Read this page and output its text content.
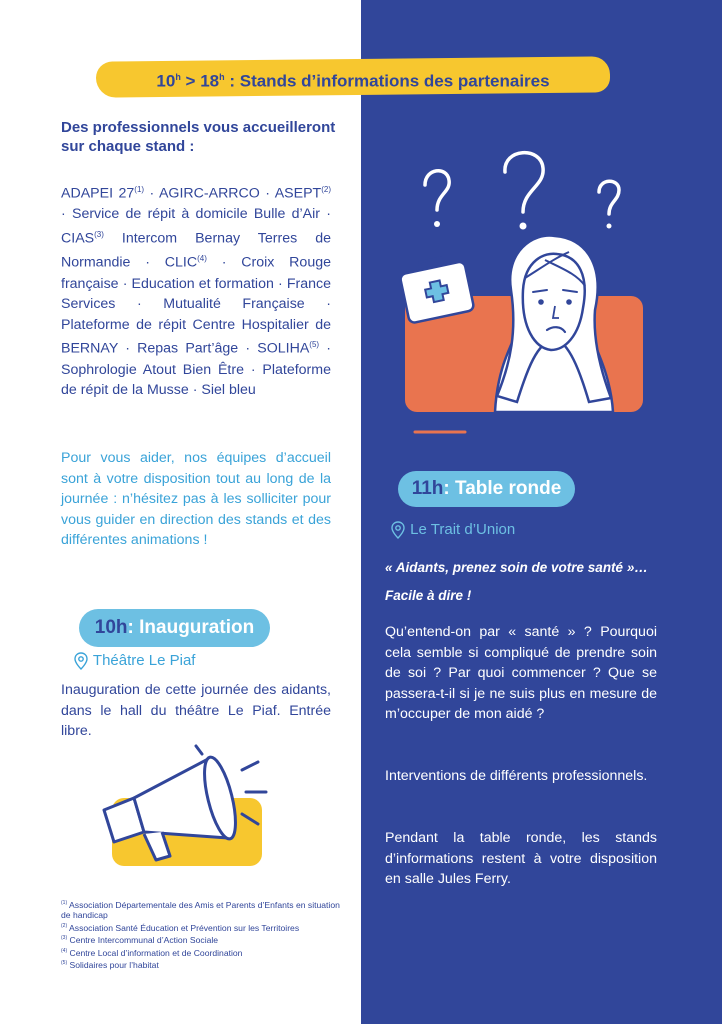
$10^h > 18^h$ : Stands d’informations des partenaires
Des professionnels vous accueilleront sur chaque stand :

ADAPEI $27^{(1)}$ · AGIRC-ARRCO · $ASEPT^{(2)}$ · Service de répit à domicile Bulle d’Air · $CIAS^{(3)}$ Intercom Bernay Terres de Normandie · $CLIC^{(4)}$ · Croix Rouge française · Education et formation · France Services · Mutualité Française · Plateforme de répit Centre Hospitalier de BERNAY · Repas Part’âge · $SOLIHA^{(5)}$ · Sophrologie Atout Bien Être · Plateforme de répit de la Musse · Siel bleu

Pour vous aider, nos équipes d’accueil sont à votre disposition tout au long de la journée : n’hésitez pas à les solliciter pour vous guider en direction des stands et des différentes animations !

10h: Inauguration
Théâtre Le Piaf

Inauguration de cette journée des aidants, dans le hall du théâtre Le Piaf. Entrée libre.

$^{(1)}$ Association Départementale des Amis et Parents d’Enfants en situation de handicap
$^{(2)}$ Association Santé Éducation et Prévention sur les Territoires
$^{(3)}$ Centre Intercommunal d’Action Sociale
$^{(4)}$ Centre Local d’information et de Coordination
$^{(5)}$ Solidaires pour l’habitat
11h: Table ronde
Le Trait d’Union
« Aidants, prenez soin de votre santé »… Facile à dire !

Qu’entend-on par « santé » ? Pourquoi cela semble si compliqué de prendre soin de soi ? Par quoi commencer ? Que se passera-t-il si je ne suis plus en mesure de m’occuper de mon aidé ?

Interventions de différents professionnels.

Pendant la table ronde, les stands d’informations restent à votre disposition en salle Jules Ferry.
